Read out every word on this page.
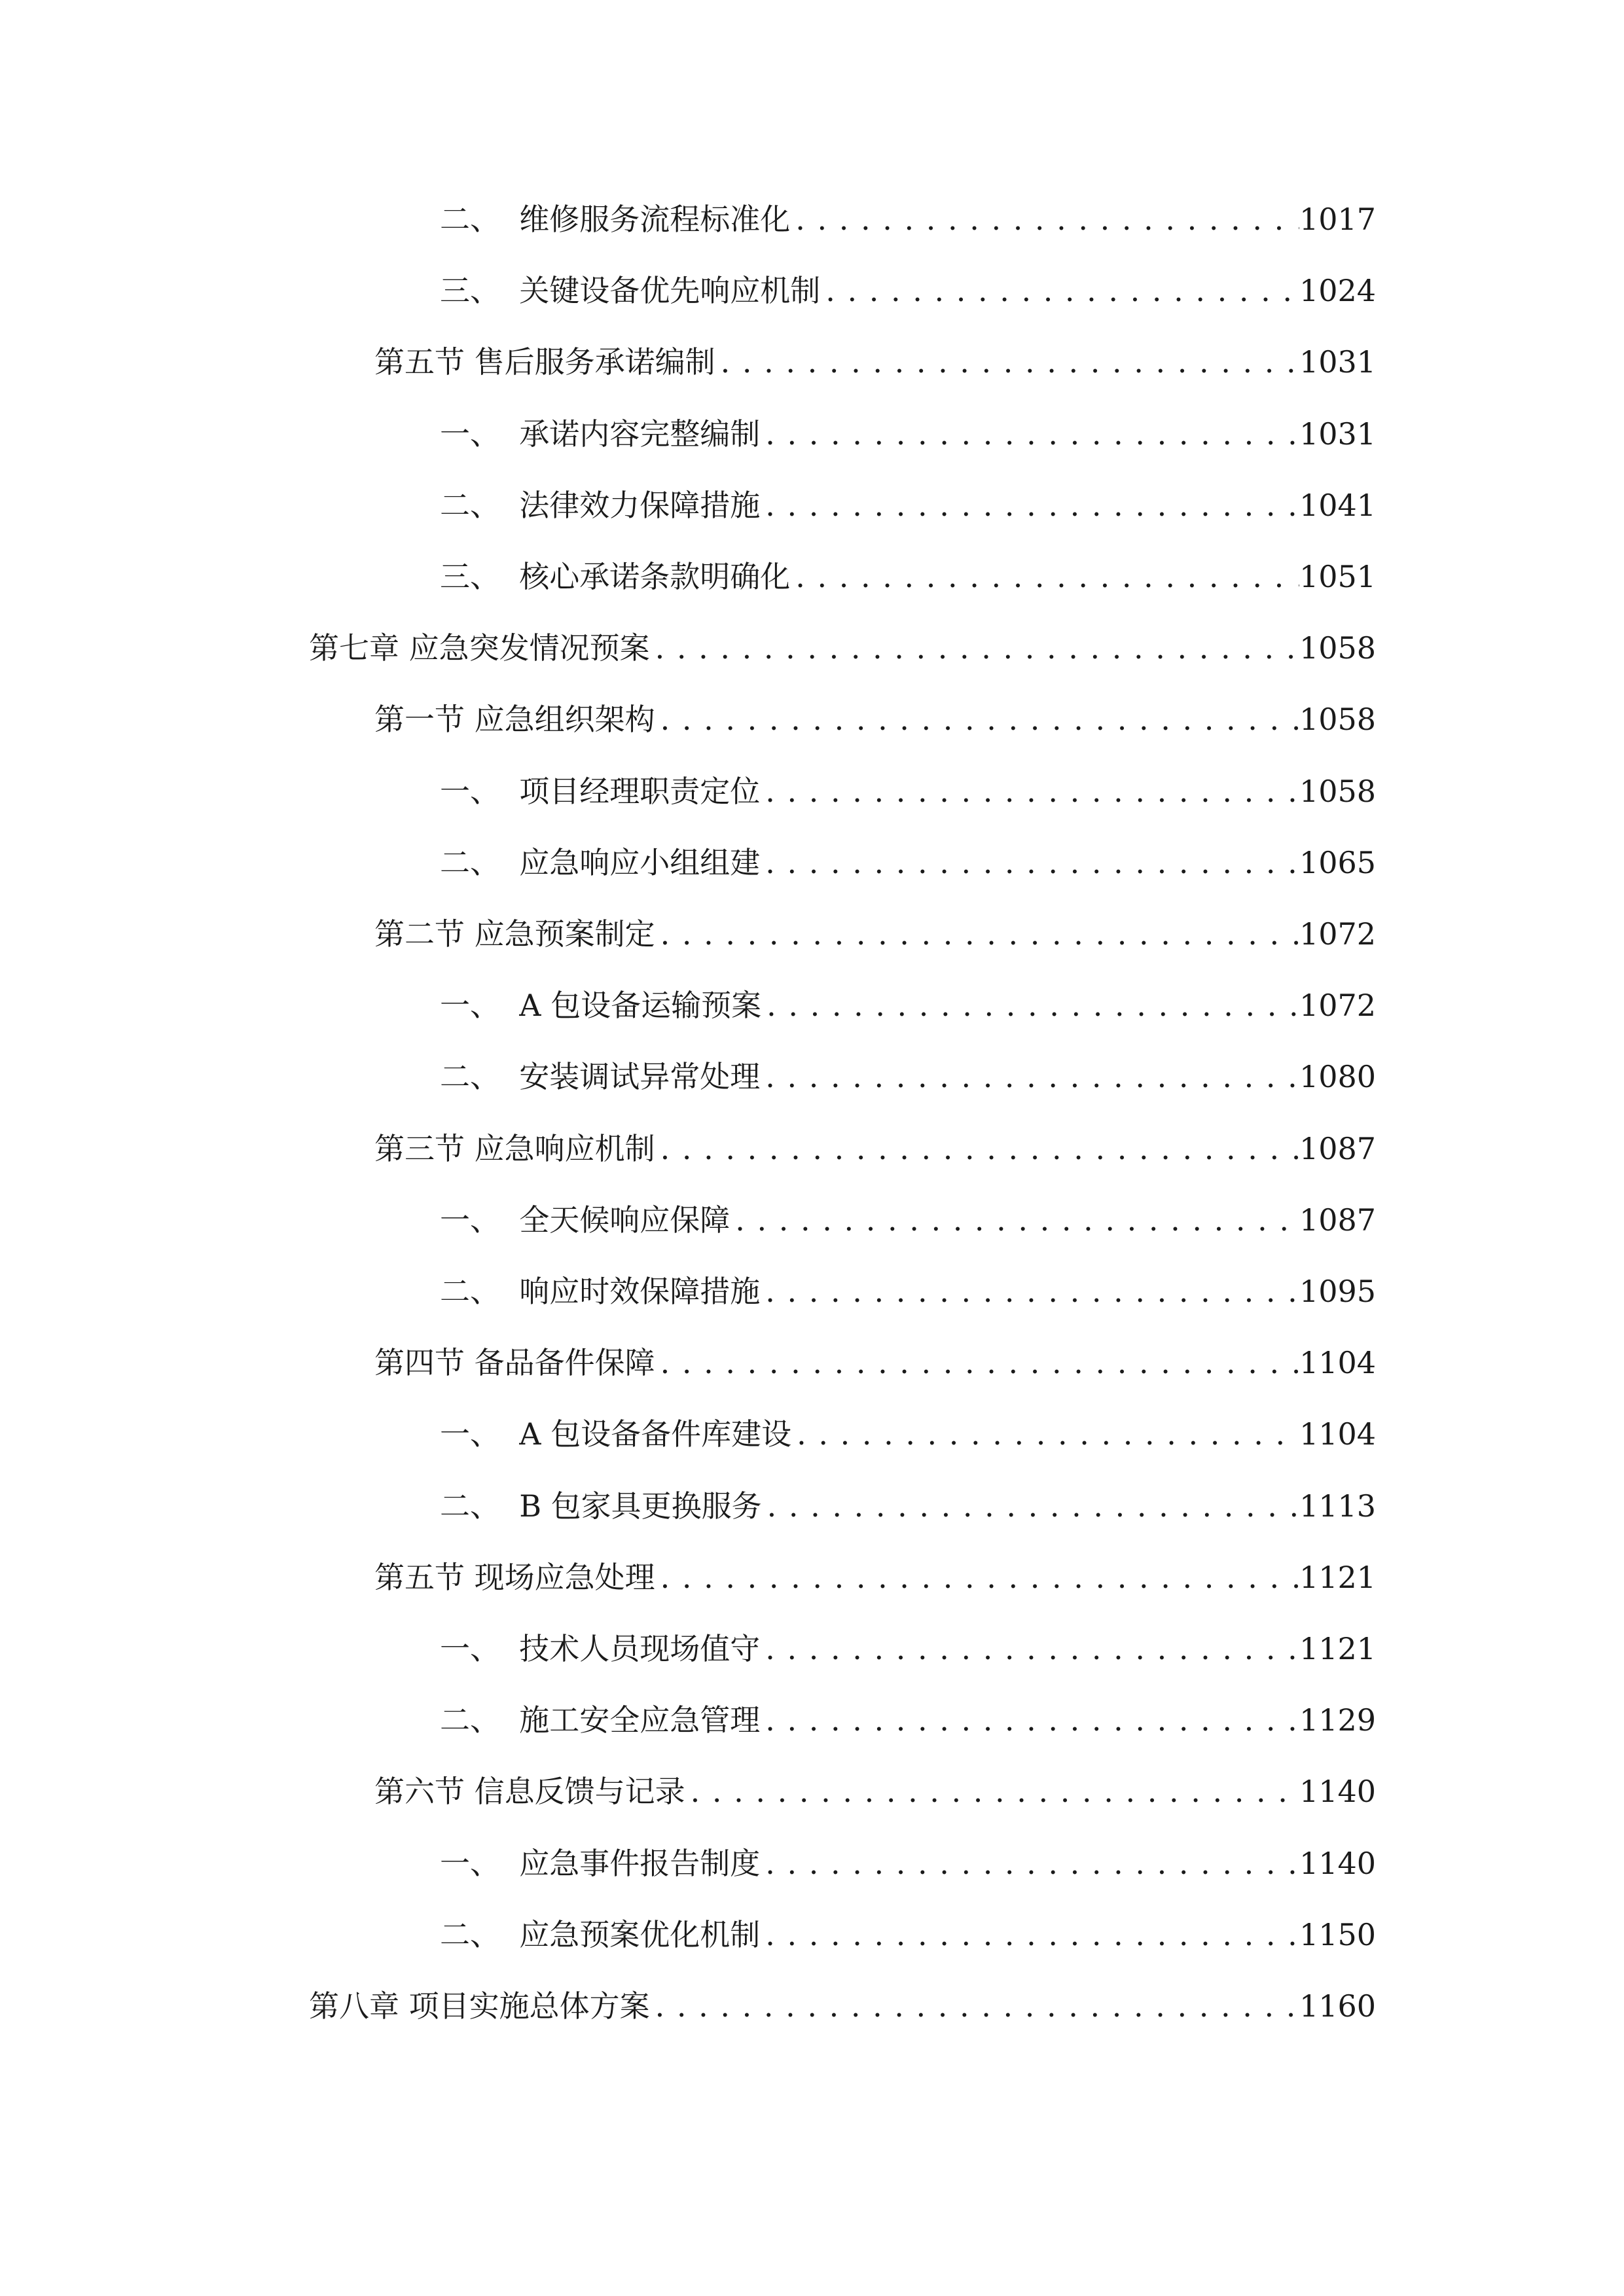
二、  维修服务流程标准化 . . .	1017
三、  关键设备优先响应机制 . . .	1024
第五节 售后服务承诺编制 . . .	1031
一、  承诺内容完整编制 . . .	1031
二、  法律效力保障措施 . . .	1041
三、  核心承诺条款明确化 . . .	1051
第七章 应急突发情况预案 . . .	1058
第一节 应急组织架构 . . .	1058
一、  项目经理职责定位 . . .	1058
二、  应急响应小组组建 . . .	1065
第二节 应急预案制定 . . .	1072
一、  A 包设备运输预案 . . .	1072
二、  安装调试异常处理 . . .	1080
第三节 应急响应机制 . . .	1087
一、  全天候响应保障 . . .	1087
二、  响应时效保障措施 . . .	1095
第四节 备品备件保障 . . .	1104
一、  A 包设备备件库建设 . . .	1104
二、  B 包家具更换服务 . . .	1113
第五节 现场应急处理 . . .	1121
一、  技术人员现场值守 . . .	1121
二、  施工安全应急管理 . . .	1129
第六节 信息反馈与记录 . . .	1140
一、  应急事件报告制度 . . .	1140
二、  应急预案优化机制 . . .	1150
第八章 项目实施总体方案 . . .	1160
